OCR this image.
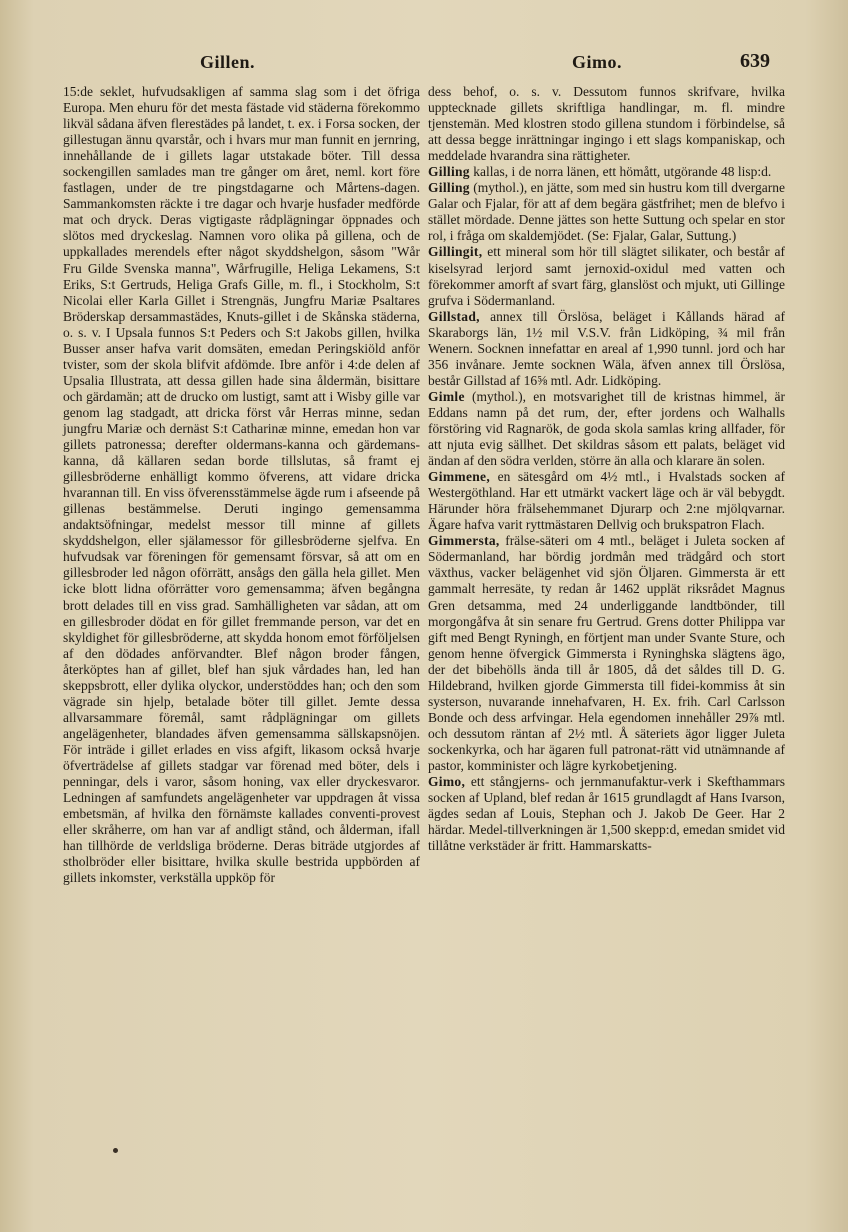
Gillen.	Gimo.	639

15:de seklet, hufvudsakligen af samma slag som i det öfriga Europa. Men ehuru för det mesta fästade vid städerna förekommo likväl sådana äfven flerestädes på landet, t. ex. i Forsa socken, der gillestugan ännu qvarstår, och i hvars mur man funnit en jernring, innehållande de i gillets lagar utstakade böter. Till dessa sockengillen samlades man tre gånger om året, neml. kort före fastlagen, under de tre pingstdagarne och Mårtens-dagen. Sammankomsten räckte i tre dagar och hvarje husfader medförde mat och dryck. Deras vigtigaste rådplägningar öppnades och slötos med dryckeslag. Namnen voro olika på gillena, och de uppkallades merendels efter något skyddshelgon, såsom "Wår Fru Gilde Svenska manna", Wårfrugille, Heliga Lekamens, S:t Eriks, S:t Gertruds, Heliga Grafs Gille, m. fl., i Stockholm, S:t Nicolai eller Karla Gillet i Strengnäs, Jungfru Mariæ Psaltares Bröderskap dersammastädes, Knuts-gillet i de Skånska städerna, o. s. v. I Upsala funnos S:t Peders och S:t Jakobs gillen, hvilka Busser anser hafva varit domsäten, emedan Peringskiöld anför tvister, som der skola blifvit afdömde. Ibre anför i 4:de delen af Upsalia Illustrata, att dessa gillen hade sina åldermän, bisittare och gärdamän; att de drucko om lustigt, samt att i Wisby gille var genom lag stadgadt, att dricka först vår Herras minne, sedan jungfru Mariæ och dernäst S:t Catharinæ minne, emedan hon var gillets patronessa; derefter oldermans-kanna och gärdemans-kanna, då källaren sedan borde tillslutas, så framt ej gillesbröderne enhälligt kommo öfverens, att vidare dricka hvarannan till. En viss öfverensstämmelse ägde rum i afseende på gillenas bestämmelse. Deruti ingingo gemensamma andaktsöfningar, medelst messor till minne af gillets skyddshelgon, eller själamessor för gillesbröderne sjelfva. En hufvudsak var föreningen för gemensamt försvar, så att om en gillesbroder led någon oförrätt, ansågs den gälla hela gillet. Men icke blott lidna oförrätter voro gemensamma; äfven begångna brott delades till en viss grad. Samhälligheten var sådan, att om en gillesbroder dödat en för gillet fremmande person, var det en skyldighet för gillesbröderne, att skydda honom emot förföljelsen af den dödades anförvandter. Blef någon broder fången, återköptes han af gillet, blef han sjuk vårdades han, led han skeppsbrott, eller dylika olyckor, understöddes han; och den som vägrade sin hjelp, betalade böter till gillet. Jemte dessa allvarsammare föremål, samt rådplägningar om gillets angelägenheter, blandades äfven gemensamma sällskapsnöjen. För inträde i gillet erlades en viss afgift, likasom också hvarje öfverträdelse af gillets stadgar var förenad med böter, dels i penningar, dels i varor, såsom honing, vax eller dryckesvaror. Ledningen af samfundets angelägenheter var uppdragen åt vissa embetsmän, af hvilka den förnämste kallades conventi-provest eller skråherre, om han var af andligt stånd, och ålderman, ifall han tillhörde de verldsliga bröderne. Deras biträde utgjordes af stholbröder eller bisittare, hvilka skulle bestrida uppbörden af gillets inkomster, verkställa uppköp för

dess behof, o. s. v. Dessutom funnos skrifvare, hvilka upptecknade gillets skriftliga handlingar, m. fl. mindre tjenstemän. Med klostren stodo gillena stundom i förbindelse, så att dessa begge inrättningar ingingo i ett slags kompaniskap, och meddelade hvarandra sina rättigheter.

Gilling kallas, i de norra länen, ett hömått, utgörande 48 lisp:d.

Gilling (mythol.), en jätte, som med sin hustru kom till dvergarne Galar och Fjalar, för att af dem begära gästfrihet; men de blefvo i stället mördade. Denne jättes son hette Suttung och spelar en stor rol, i fråga om skaldemjödet. (Se: Fjalar, Galar, Suttung.)

Gillingit, ett mineral som hör till slägtet silikater, och består af kiselsyrad lerjord samt jernoxid-oxidul med vatten och förekommer amorft af svart färg, glanslöst och mjukt, uti Gillinge grufva i Södermanland.

Gillstad, annex till Örslösa, beläget i Kållands härad af Skaraborgs län, 1½ mil V.S.V. från Lidköping, ¾ mil från Wenern. Socknen innefattar en areal af 1,990 tunnl. jord och har 356 invånare. Jemte socknen Wäla, äfven annex till Örslösa, består Gillstad af 16⅝ mtl. Adr. Lidköping.

Gimle (mythol.), en motsvarighet till de kristnas himmel, är Eddans namn på det rum, der, efter jordens och Walhalls förstöring vid Ragnarök, de goda skola samlas kring allfader, för att njuta evig sällhet. Det skildras såsom ett palats, beläget vid ändan af den södra verlden, större än alla och klarare än solen.

Gimmene, en sätesgård om 4½ mtl., i Hvalstads socken af Westergöthland. Har ett utmärkt vackert läge och är väl bebygdt. Härunder höra frälsehemmanet Djurarp och 2:ne mjölqvarnar. Ägare hafva varit ryttmästaren Dellvig och brukspatron Flach.

Gimmersta, frälse-säteri om 4 mtl., beläget i Juleta socken af Södermanland, har bördig jordmån med trädgård och stort växthus, vacker belägenhet vid sjön Öljaren. Gimmersta är ett gammalt herresäte, ty redan år 1462 upplät riksrådet Magnus Gren detsamma, med 24 underliggande landtbönder, till morgongåfva åt sin senare fru Gertrud. Grens dotter Philippa var gift med Bengt Ryningh, en förtjent man under Svante Sture, och genom henne öfvergick Gimmersta i Ryninghska slägtens ägo, der det bibehölls ända till år 1805, då det såldes till D. G. Hildebrand, hvilken gjorde Gimmersta till fidei-kommiss åt sin systerson, nuvarande innehafvaren, H. Ex. frih. Carl Carlsson Bonde och dess arfvingar. Hela egendomen innehåller 29⅞ mtl. och dessutom räntan af 2½ mtl. Å säteriets ägor ligger Juleta sockenkyrka, och har ägaren full patronat-rätt vid utnämnande af pastor, komminister och lägre kyrkobetjening.

Gimo, ett stångjerns- och jernmanufaktur-verk i Skefthammars socken af Upland, blef redan år 1615 grundlagdt af Hans Ivarson, ägdes sedan af Louis, Stephan och J. Jakob De Geer. Har 2 härdar. Medel-tillverkningen är 1,500 skepp:d, emedan smidet vid tillåtne verkstäder är fritt. Hammarskatts-
